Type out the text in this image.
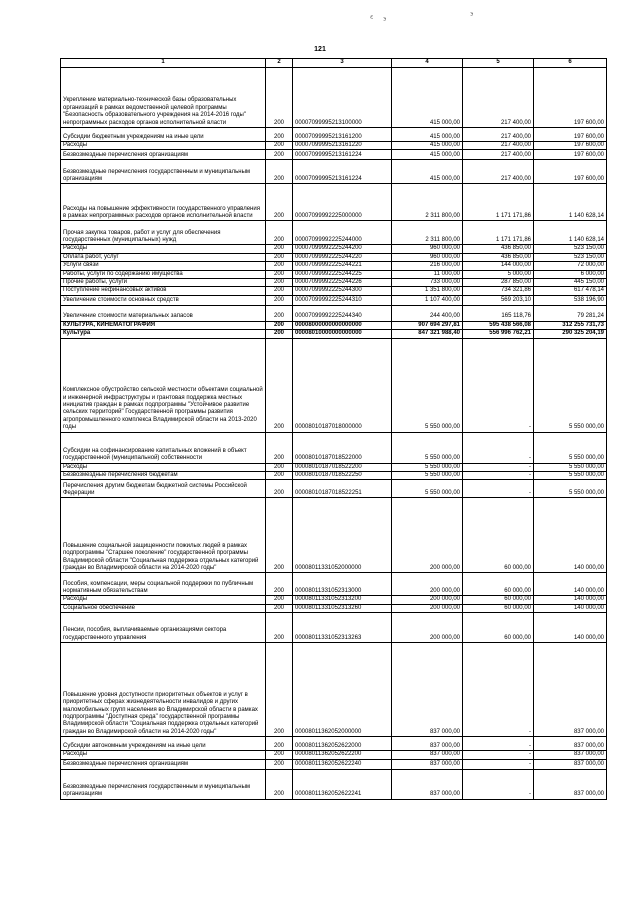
ᵋ ᵌ	ᵌ
121
1	2	3	4	5	6
Укрепление материально-технической базы образовательных организаций в рамках ведомственной целевой программы "Безопасность образовательного учреждения на 2014-2016 годы" непрограммных расходов органов исполнительной власти	200	00007099995213100000	415 000,00	217 400,00	197 600,00
Субсидии бюджетным учреждениям на иные цели	200	00007099995213161200	415 000,00	217 400,00	197 600,00
Расходы	200	00007099995213161220	415 000,00	217 400,00	197 600,00
Безвозмездные перечисления организациям	200	00007099995213161224	415 000,00	217 400,00	197 600,00
Безвозмездные перечисления государственным и муниципальным организациям	200	00007099995213161224	415 000,00	217 400,00	197 600,00
Расходы на повышение эффективности государственного управления в рамках непрограммных расходов органов исполнительной власти	200	00007099992225000000	2 311 800,00	1 171 171,86	1 140 628,14
Прочая закупка товаров, работ и услуг для обеспечения государственных (муниципальных) нужд	200	00007099992225244000	2 311 800,00	1 171 171,86	1 140 628,14
Расходы	200	00007099992225244200	960 000,00	436 850,00	523 150,00
Оплата работ, услуг	200	00007099992225244220	960 000,00	436 850,00	523 150,00
Услуги связи	200	00007099992225244221	216 000,00	144 000,00	72 000,00
Работы, услуги по содержанию имущества	200	00007099992225244225	11 000,00	5 000,00	6 000,00
Прочие работы, услуги	200	00007099992225244226	733 000,00	287 850,00	445 150,00
Поступление нефинансовых активов	200	00007099992225244300	1 351 800,00	734 321,86	617 478,14
Увеличение стоимости основных средств	200	00007099992225244310	1 107 400,00	569 203,10	538 196,90
Увеличение стоимости материальных запасов	200	00007099992225244340	244 400,00	165 118,76	79 281,24
КУЛЬТУРА, КИНЕМАТОГРАФИЯ	200	00008000000000000000	907 694 297,81	595 438 566,08	312 255 731,73
Культура	200	00008010000000000000	847 321 988,40	556 996 762,21	290 325 204,19
Комплексное обустройство сельской местности объектами социальной и инженерной инфраструктуры и грантовая поддержка местных инициатив граждан в рамках подпрограммы "Устойчивое развитие сельских территорий" Государственной программы развития агропромышленного комплекса Владимирской области на 2013-2020 годы	200	00008010187018000000	5 550 000,00	-	5 550 000,00
Субсидии на софинансирование капитальных вложений в объект государственной (муниципальной) собственности	200	00008010187018522000	5 550 000,00	-	5 550 000,00
Расходы	200	00008010187018522200	5 550 000,00	-	5 550 000,00
Безвозмездные перечисления бюджетам	200	00008010187018522250	5 550 000,00	-	5 550 000,00
Перечисления другим бюджетам бюджетной системы Российской Федерации	200	00008010187018522251	5 550 000,00	-	5 550 000,00
Повышение социальной защищенности пожилых людей в рамках подпрограммы "Старшее поколение" государственной программы Владимирской области "Социальная поддержка отдельных категорий граждан во Владимирской области на 2014-2020 годы"	200	00008011331052000000	200 000,00	60 000,00	140 000,00
Пособия, компенсации, меры социальной поддержки по публичным нормативным обязательствам	200	00008011331052313000	200 000,00	60 000,00	140 000,00
Расходы	200	00008011331052313200	200 000,00	60 000,00	140 000,00
Социальное обеспечение	200	00008011331052313260	200 000,00	60 000,00	140 000,00
Пенсии, пособия, выплачиваемые организациями сектора государственного управления	200	00008011331052313263	200 000,00	60 000,00	140 000,00
Повышение уровня доступности приоритетных объектов и услуг в приоритетных сферах жизнедеятельности инвалидов и других маломобильных групп населения во Владимирской области в рамках подпрограммы "Доступная среда" государственной программы Владимирской области "Социальная поддержка отдельных категорий граждан во Владимирской области на 2014-2020 годы"	200	00008011362052000000	837 000,00	-	837 000,00
Субсидии автономным учреждениям на иные цели	200	00008011362052622000	837 000,00	-	837 000,00
Расходы	200	00008011362052622200	837 000,00	-	837 000,00
Безвозмездные перечисления организациям	200	00008011362052622240	837 000,00	-	837 000,00
Безвозмездные перечисления государственным и муниципальным организациям	200	00008011362052622241	837 000,00	-	837 000,00
